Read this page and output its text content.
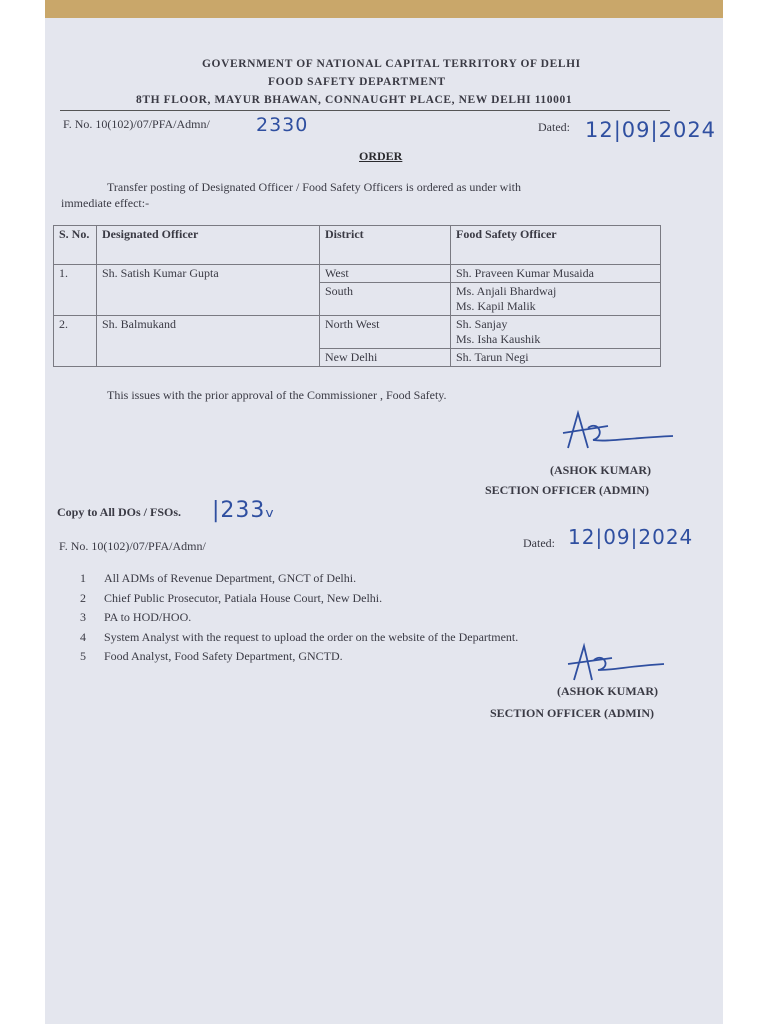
GOVERNMENT OF NATIONAL CAPITAL TERRITORY OF DELHI
FOOD SAFETY DEPARTMENT
8TH FLOOR, MAYUR BHAWAN, CONNAUGHT PLACE, NEW DELHI 110001
F. No. 10(102)/07/PFA/Admn/ 2330	Dated: 12|09|2024
ORDER
Transfer posting of Designated Officer / Food Safety Officers is ordered as under with
immediate effect:-
S. No.	Designated Officer	District	Food Safety Officer
1.	Sh. Satish Kumar Gupta	West	Sh. Praveen Kumar Musaida

		South	Ms. Anjali Bhardwaj
Ms. Kapil Malik

2.	Sh. Balmukand	North West	Sh. Sanjay
Ms. Isha Kaushik

		New Delhi	Sh. Tarun Negi
This issues with the prior approval of the Commissioner , Food Safety.
(ASHOK KUMAR)
SECTION OFFICER (ADMIN)
Copy to All DOs / FSOs. |233ᵥ
F. No. 10(102)/07/PFA/Admn/	Dated: 12|09|2024
1 All ADMs of Revenue Department, GNCT of Delhi.
2 Chief Public Prosecutor, Patiala House Court, New Delhi.
3 PA to HOD/HOO.
4 System Analyst with the request to upload the order on the website of the Department.
5 Food Analyst, Food Safety Department, GNCTD.
(ASHOK KUMAR)
SECTION OFFICER (ADMIN)
